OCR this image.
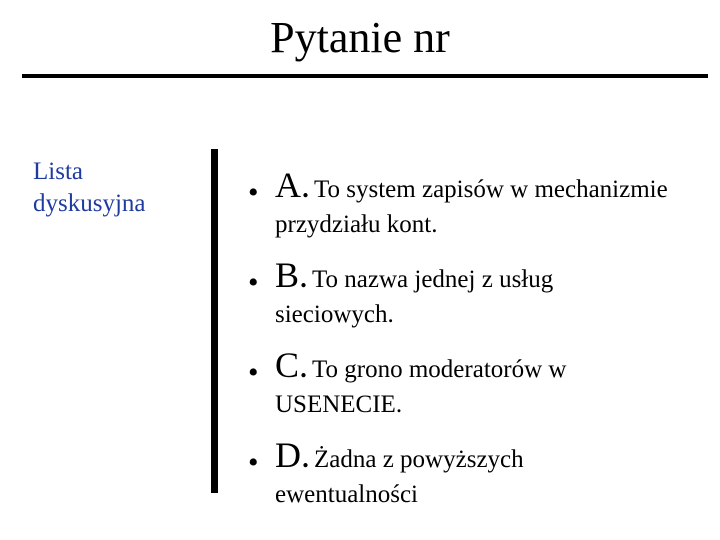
Pytanie nr
Lista
dyskusyjna	• A. To system zapisów w mechanizmie
przydziału kont.
• B. To nazwa jednej z usług
sieciowych.
• C. To grono moderatorów w
USENECIE.
• D. Żadna z powyższych
ewentualności
